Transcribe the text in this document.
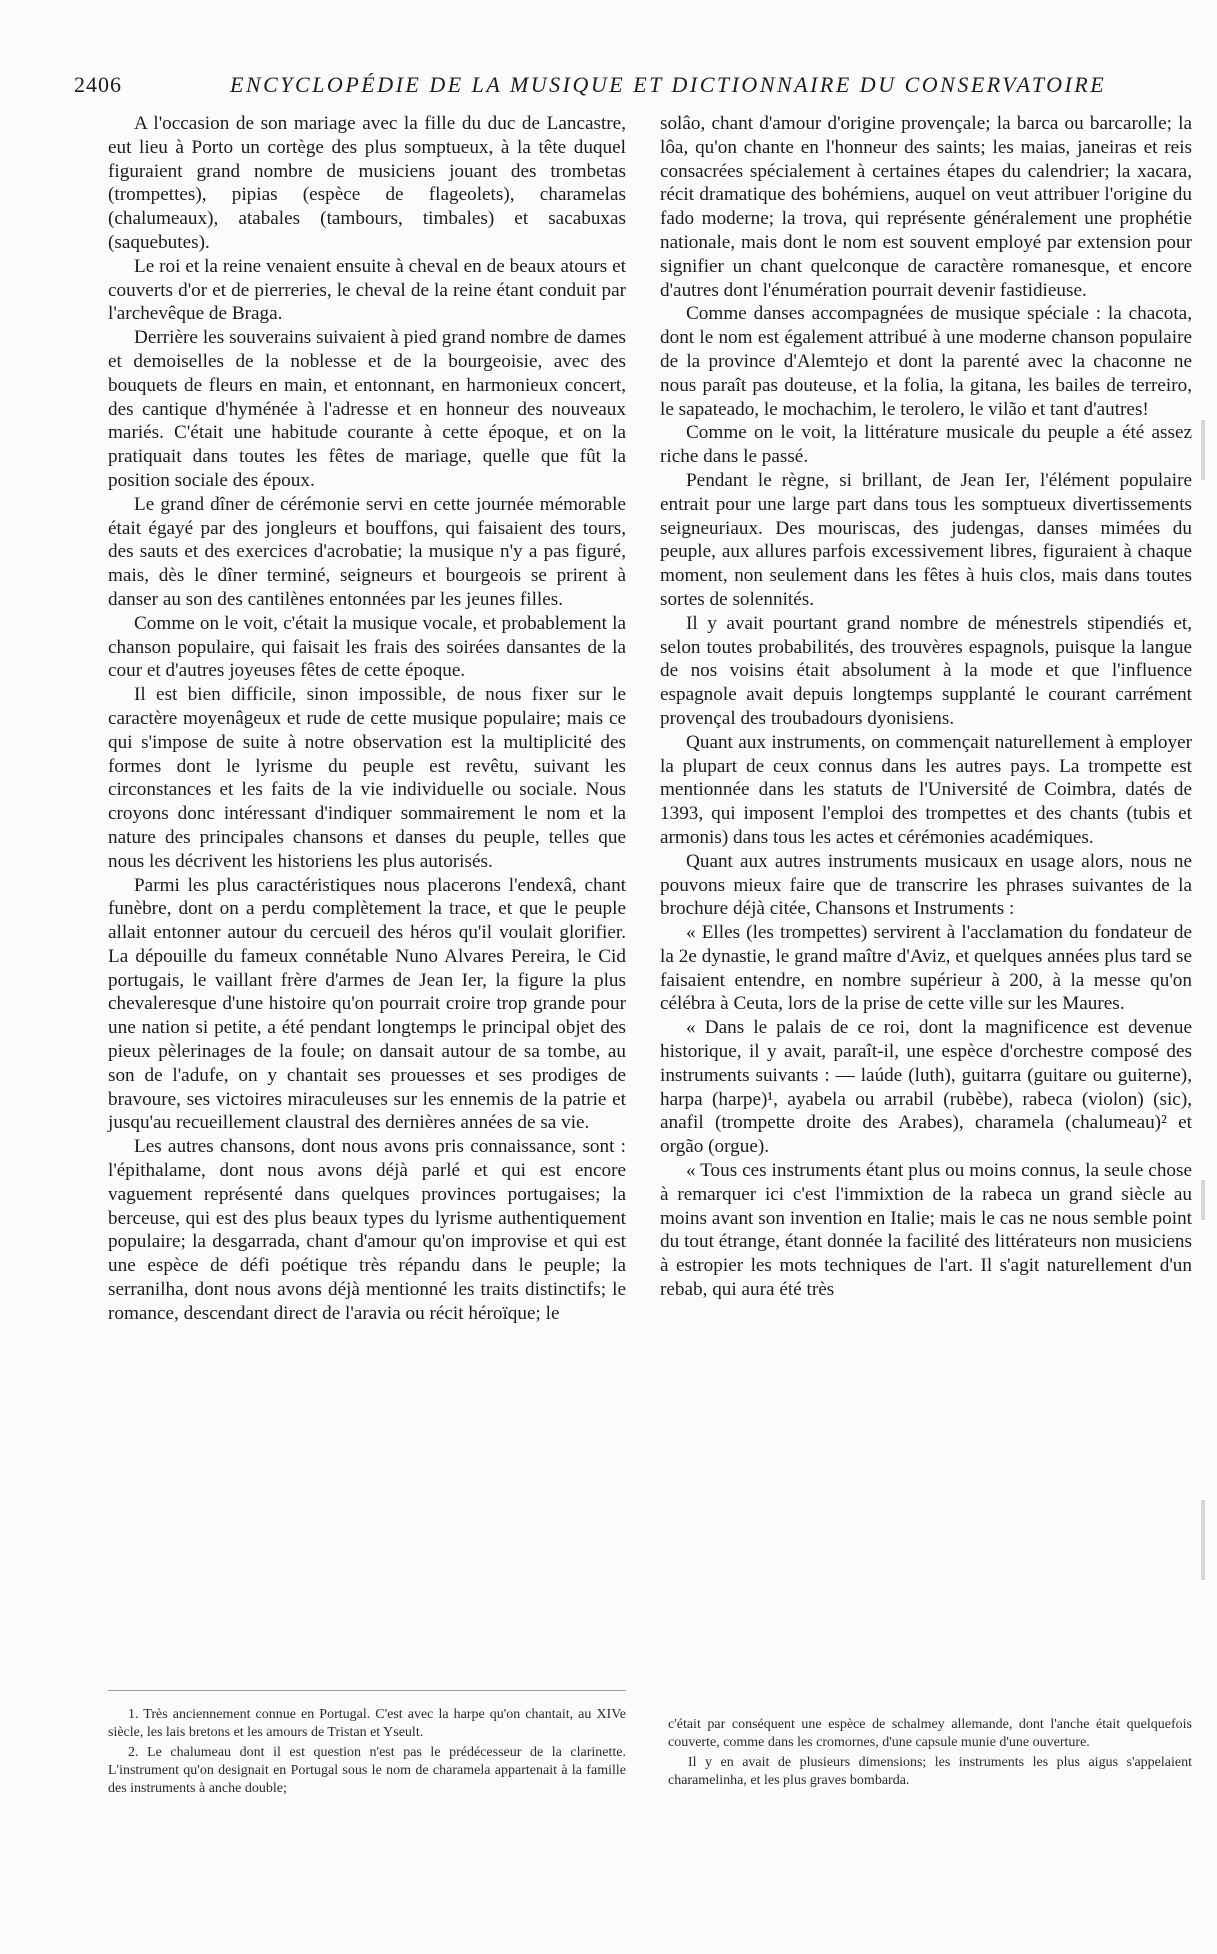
2406	ENCYCLOPÉDIE DE LA MUSIQUE ET DICTIONNAIRE DU CONSERVATOIRE

A l'occasion de son mariage avec la fille du duc de Lancastre, eut lieu à Porto un cortège des plus somptueux, à la tête duquel figuraient grand nombre de musiciens jouant des trombetas (trompettes), pipias (espèce de flageolets), charamelas (chalumeaux), atabales (tambours, timbales) et sacabuxas (saquebutes).

Le roi et la reine venaient ensuite à cheval en de beaux atours et couverts d'or et de pierreries, le cheval de la reine étant conduit par l'archevêque de Braga.

Derrière les souverains suivaient à pied grand nombre de dames et demoiselles de la noblesse et de la bourgeoisie, avec des bouquets de fleurs en main, et entonnant, en harmonieux concert, des cantique d'hyménée à l'adresse et en honneur des nouveaux mariés. C'était une habitude courante à cette époque, et on la pratiquait dans toutes les fêtes de mariage, quelle que fût la position sociale des époux.

Le grand dîner de cérémonie servi en cette journée mémorable était égayé par des jongleurs et bouffons, qui faisaient des tours, des sauts et des exercices d'acrobatie; la musique n'y a pas figuré, mais, dès le dîner terminé, seigneurs et bourgeois se prirent à danser au son des cantilènes entonnées par les jeunes filles.

Comme on le voit, c'était la musique vocale, et probablement la chanson populaire, qui faisait les frais des soirées dansantes de la cour et d'autres joyeuses fêtes de cette époque.

Il est bien difficile, sinon impossible, de nous fixer sur le caractère moyenâgeux et rude de cette musique populaire; mais ce qui s'impose de suite à notre observation est la multiplicité des formes dont le lyrisme du peuple est revêtu, suivant les circonstances et les faits de la vie individuelle ou sociale. Nous croyons donc intéressant d'indiquer sommairement le nom et la nature des principales chansons et danses du peuple, telles que nous les décrivent les historiens les plus autorisés.

Parmi les plus caractéristiques nous placerons l'endexâ, chant funèbre, dont on a perdu complètement la trace, et que le peuple allait entonner autour du cercueil des héros qu'il voulait glorifier. La dépouille du fameux connétable Nuno Alvares Pereira, le Cid portugais, le vaillant frère d'armes de Jean Ier, la figure la plus chevaleresque d'une histoire qu'on pourrait croire trop grande pour une nation si petite, a été pendant longtemps le principal objet des pieux pèlerinages de la foule; on dansait autour de sa tombe, au son de l'adufe, on y chantait ses prouesses et ses prodiges de bravoure, ses victoires miraculeuses sur les ennemis de la patrie et jusqu'au recueillement claustral des dernières années de sa vie.

Les autres chansons, dont nous avons pris connaissance, sont : l'épithalame, dont nous avons déjà parlé et qui est encore vaguement représenté dans quelques provinces portugaises; la berceuse, qui est des plus beaux types du lyrisme authentiquement populaire; la desgarrada, chant d'amour qu'on improvise et qui est une espèce de défi poétique très répandu dans le peuple; la serranilha, dont nous avons déjà mentionné les traits distinctifs; le romance, descendant direct de l'aravia ou récit héroïque; le

solâo, chant d'amour d'origine provençale; la barca ou barcarolle; la lôa, qu'on chante en l'honneur des saints; les maias, janeiras et reis consacrées spécialement à certaines étapes du calendrier; la xacara, récit dramatique des bohémiens, auquel on veut attribuer l'origine du fado moderne; la trova, qui représente généralement une prophétie nationale, mais dont le nom est souvent employé par extension pour signifier un chant quelconque de caractère romanesque, et encore d'autres dont l'énumération pourrait devenir fastidieuse.

Comme danses accompagnées de musique spéciale : la chacota, dont le nom est également attribué à une moderne chanson populaire de la province d'Alemtejo et dont la parenté avec la chaconne ne nous paraît pas douteuse, et la folia, la gitana, les bailes de terreiro, le sapateado, le mochachim, le terolero, le vilão et tant d'autres!

Comme on le voit, la littérature musicale du peuple a été assez riche dans le passé.

Pendant le règne, si brillant, de Jean Ier, l'élément populaire entrait pour une large part dans tous les somptueux divertissements seigneuriaux. Des mouriscas, des judengas, danses mimées du peuple, aux allures parfois excessivement libres, figuraient à chaque moment, non seulement dans les fêtes à huis clos, mais dans toutes sortes de solennités.

Il y avait pourtant grand nombre de ménestrels stipendiés et, selon toutes probabilités, des trouvères espagnols, puisque la langue de nos voisins était absolument à la mode et que l'influence espagnole avait depuis longtemps supplanté le courant carrément provençal des troubadours dyonisiens.

Quant aux instruments, on commençait naturellement à employer la plupart de ceux connus dans les autres pays. La trompette est mentionnée dans les statuts de l'Université de Coimbra, datés de 1393, qui imposent l'emploi des trompettes et des chants (tubis et armonis) dans tous les actes et cérémonies académiques.

Quant aux autres instruments musicaux en usage alors, nous ne pouvons mieux faire que de transcrire les phrases suivantes de la brochure déjà citée, Chansons et Instruments :

« Elles (les trompettes) servirent à l'acclamation du fondateur de la 2e dynastie, le grand maître d'Aviz, et quelques années plus tard se faisaient entendre, en nombre supérieur à 200, à la messe qu'on célébra à Ceuta, lors de la prise de cette ville sur les Maures.

« Dans le palais de ce roi, dont la magnificence est devenue historique, il y avait, paraît-il, une espèce d'orchestre composé des instruments suivants : — laúde (luth), guitarra (guitare ou guiterne), harpa (harpe)¹, ayabela ou arrabil (rubèbe), rabeca (violon) (sic), anafil (trompette droite des Arabes), charamela (chalumeau)² et orgão (orgue).

« Tous ces instruments étant plus ou moins connus, la seule chose à remarquer ici c'est l'immixtion de la rabeca un grand siècle au moins avant son invention en Italie; mais le cas ne nous semble point du tout étrange, étant donnée la facilité des littérateurs non musiciens à estropier les mots techniques de l'art. Il s'agit naturellement d'un rebab, qui aura été très

1. Très anciennement connue en Portugal. C'est avec la harpe qu'on chantait, au XIVe siècle, les lais bretons et les amours de Tristan et Yseult.

2. Le chalumeau dont il est question n'est pas le prédécesseur de la clarinette. L'instrument qu'on designait en Portugal sous le nom de charamela appartenait à la famille des instruments à anche double;

c'était par conséquent une espèce de schalmey allemande, dont l'anche était quelquefois couverte, comme dans les cromornes, d'une capsule munie d'une ouverture.

Il y en avait de plusieurs dimensions; les instruments les plus aigus s'appelaient charamelinha, et les plus graves bombarda.
